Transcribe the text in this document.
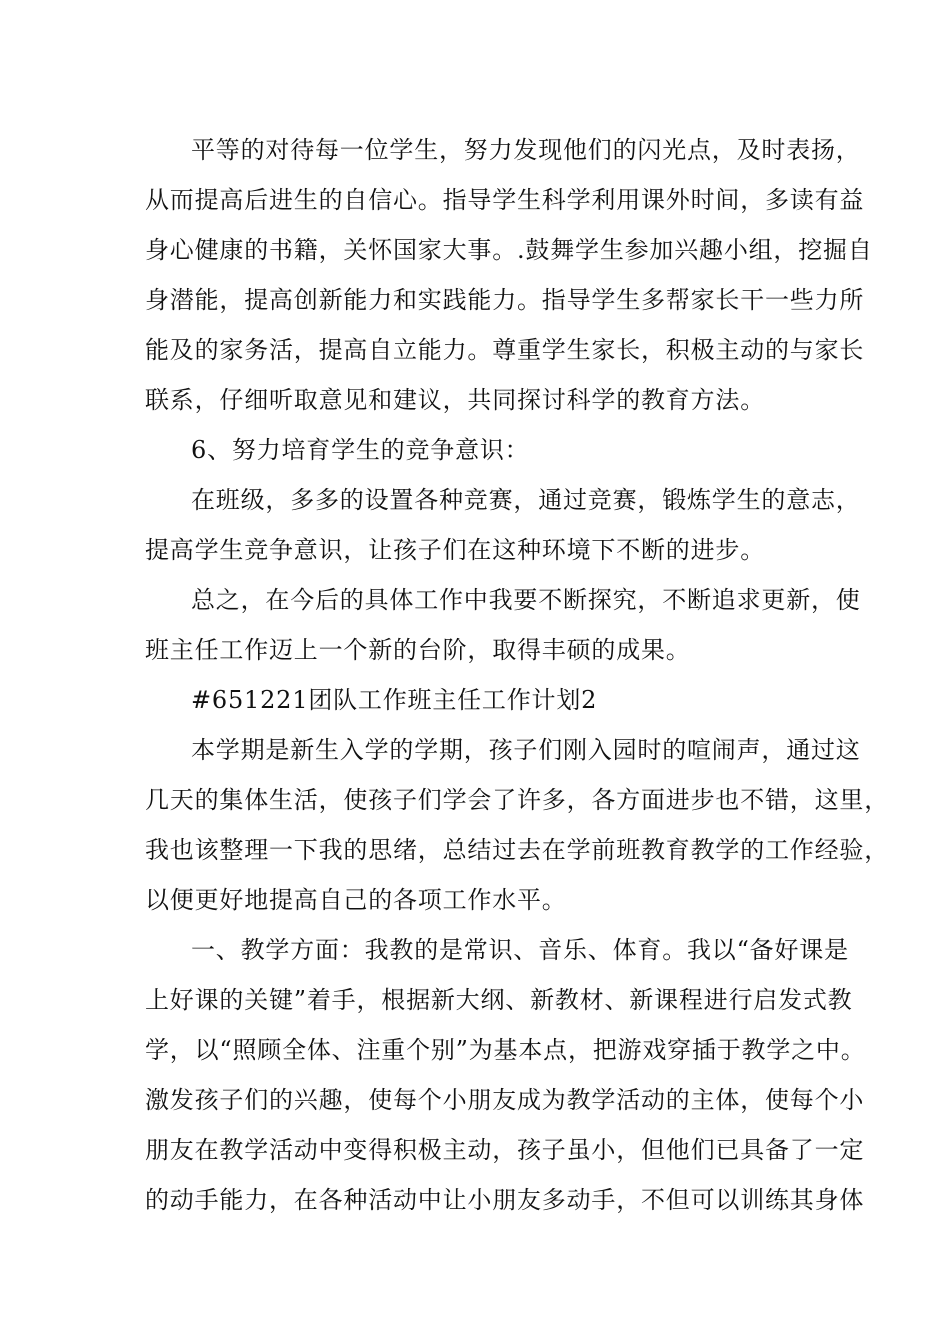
平等的对待每一位学生，努力发现他们的闪光点，及时表扬，
从而提高后进生的自信心。指导学生科学利用课外时间，多读有益
身心健康的书籍，关怀国家大事。.鼓舞学生参加兴趣小组，挖掘自
身潜能，提高创新能力和实践能力。指导学生多帮家长干一些力所
能及的家务活，提高自立能力。尊重学生家长，积极主动的与家长
联系，仔细听取意见和建议，共同探讨科学的教育方法。
6、努力培育学生的竞争意识：
在班级，多多的设置各种竞赛，通过竞赛，锻炼学生的意志，
提高学生竞争意识，让孩子们在这种环境下不断的进步。
总之，在今后的具体工作中我要不断探究，不断追求更新，使
班主任工作迈上一个新的台阶，取得丰硕的成果。
#651221团队工作班主任工作计划2
本学期是新生入学的学期，孩子们刚入园时的喧闹声，通过这
几天的集体生活，使孩子们学会了许多，各方面进步也不错，这里，
我也该整理一下我的思绪，总结过去在学前班教育教学的工作经验，
以便更好地提高自己的各项工作水平。
一、教学方面：我教的是常识、音乐、体育。我以“备好课是
上好课的关键”着手，根据新大纲、新教材、新课程进行启发式教
学，以“照顾全体、注重个别”为基本点，把游戏穿插于教学之中。
激发孩子们的兴趣，使每个小朋友成为教学活动的主体，使每个小
朋友在教学活动中变得积极主动，孩子虽小，但他们已具备了一定
的动手能力，在各种活动中让小朋友多动手，不但可以训练其身体
